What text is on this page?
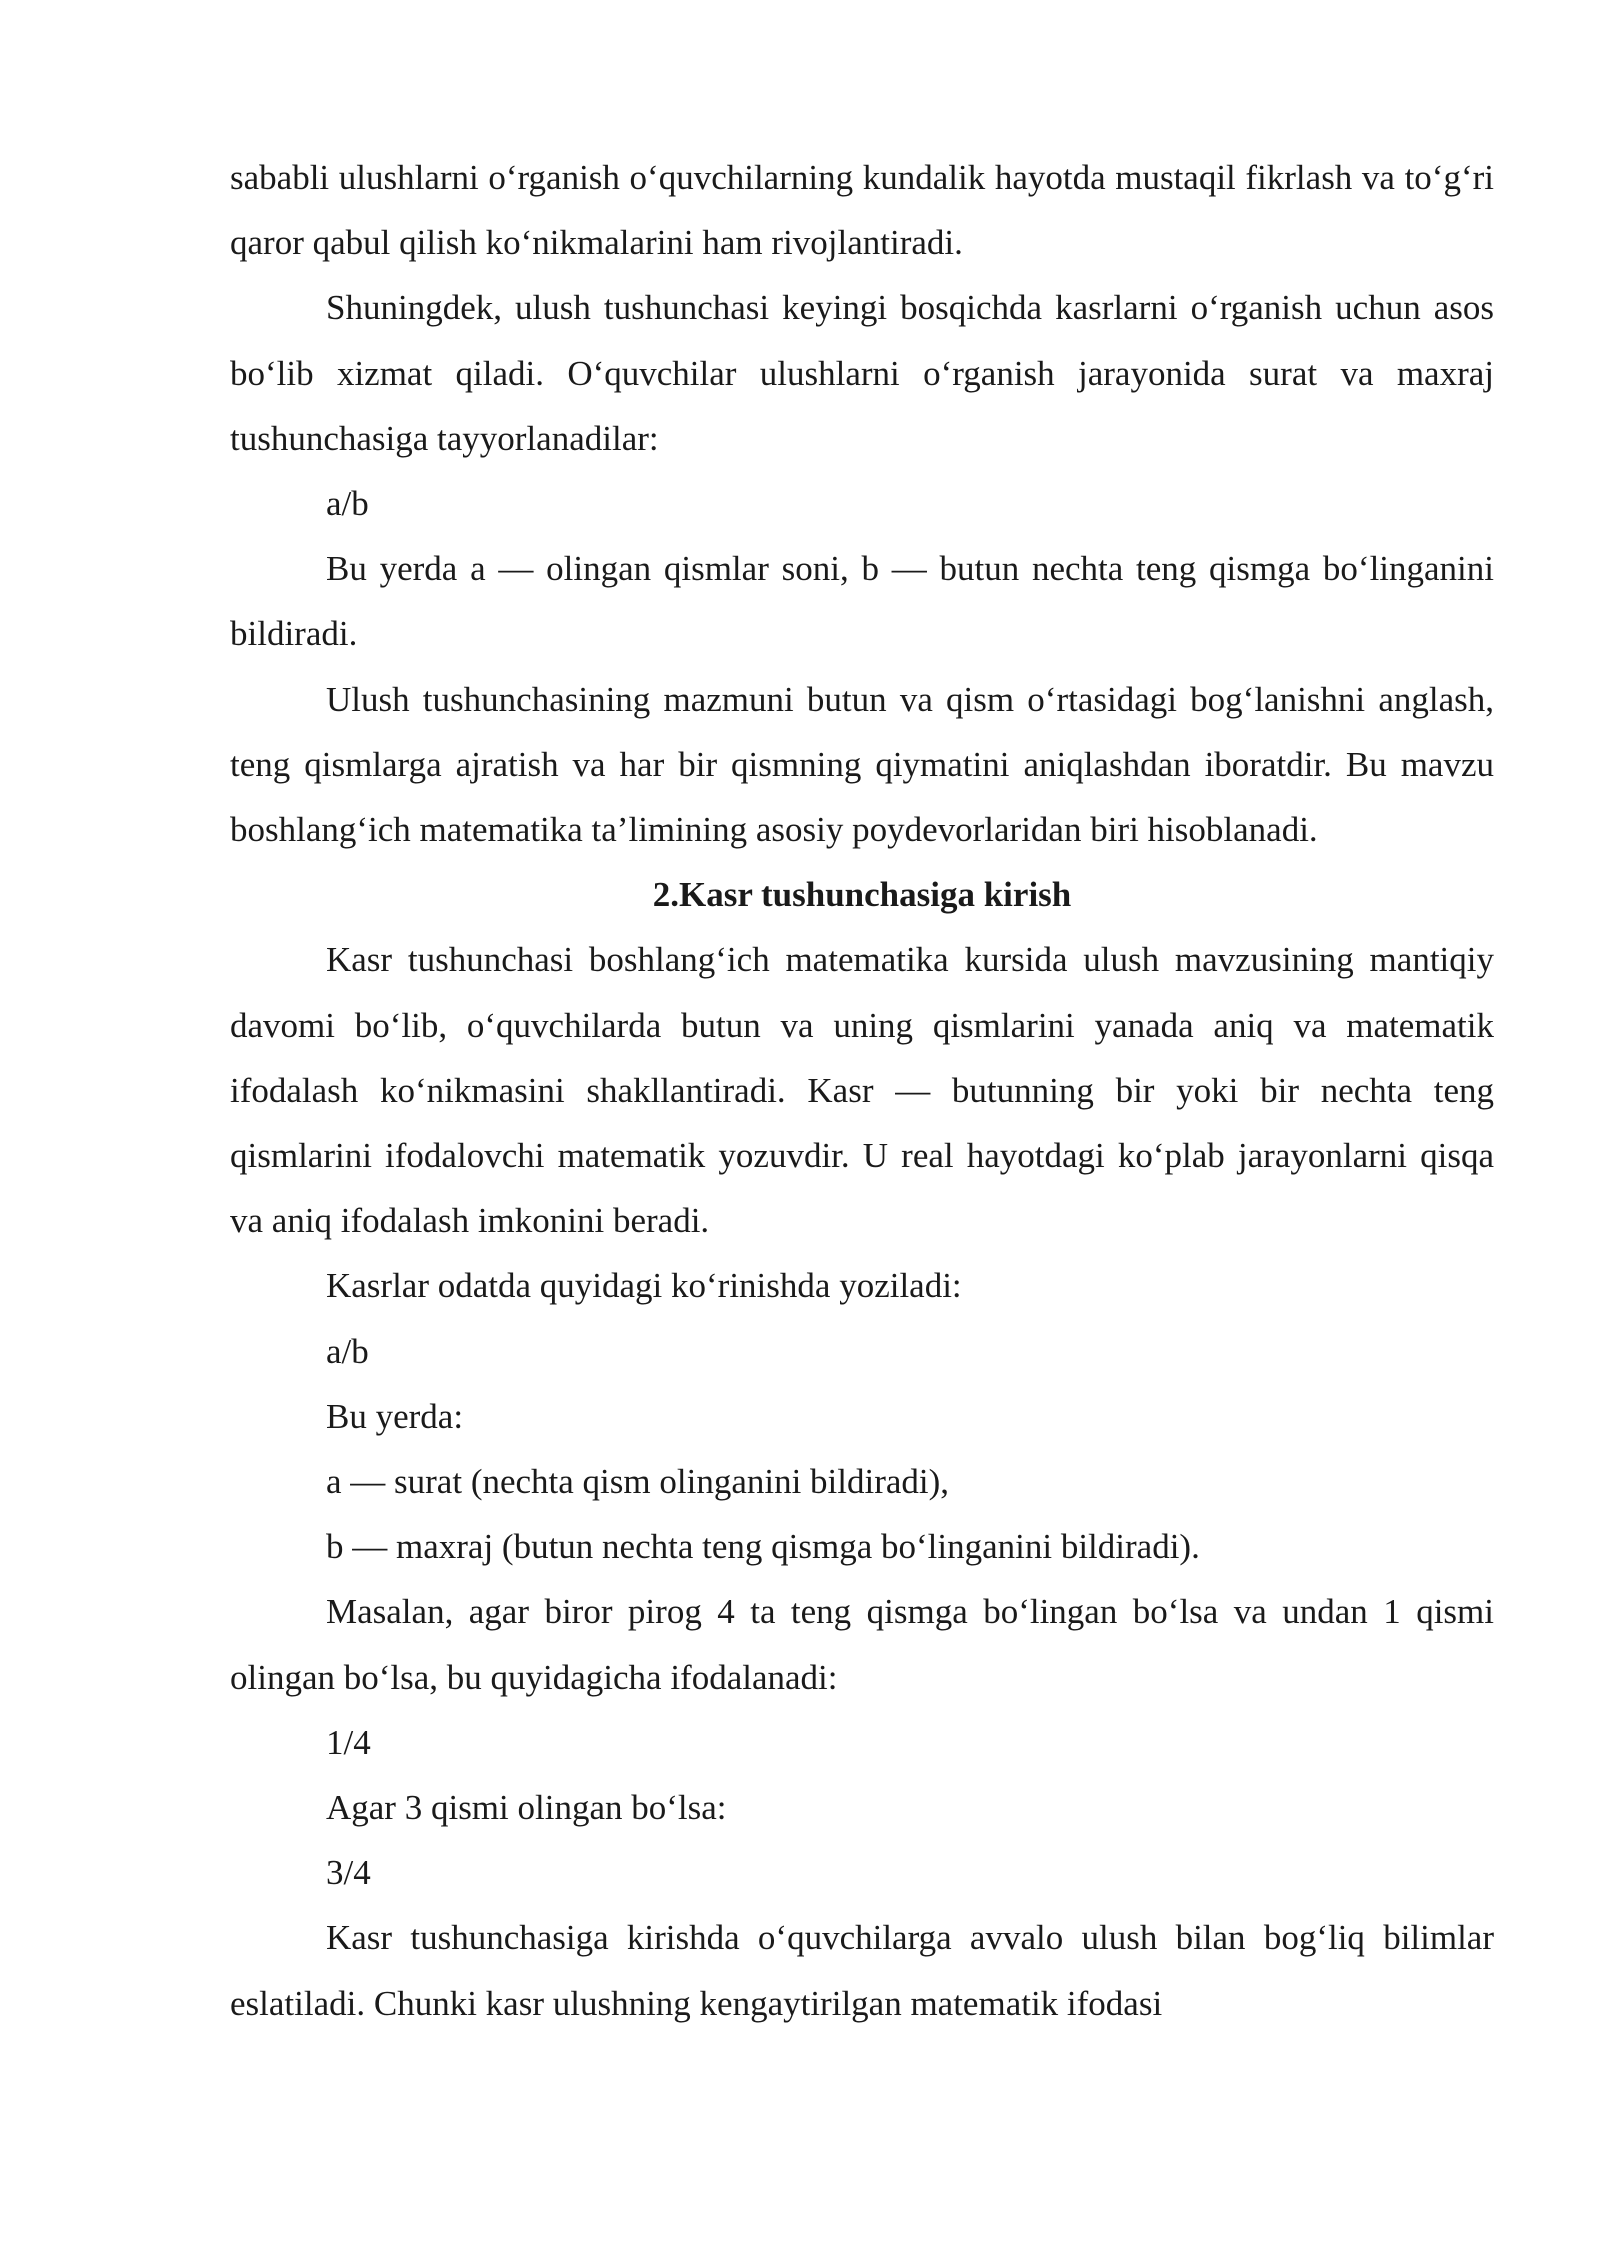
sababli ulushlarni o‘rganish o‘quvchilarning kundalik hayotda mustaqil fikrlash va to‘g‘ri qaror qabul qilish ko‘nikmalarini ham rivojlantiradi.

Shuningdek, ulush tushunchasi keyingi bosqichda kasrlarni o‘rganish uchun asos bo‘lib xizmat qiladi. O‘quvchilar ulushlarni o‘rganish jarayonida surat va maxraj tushunchasiga tayyorlanadilar:

a/b

Bu yerda a — olingan qismlar soni, b — butun nechta teng qismga bo‘linganini bildiradi.

Ulush tushunchasining mazmuni butun va qism o‘rtasidagi bog‘lanishni anglash, teng qismlarga ajratish va har bir qismning qiymatini aniqlashdan iboratdir. Bu mavzu boshlang‘ich matematika ta’limining asosiy poydevorlaridan biri hisoblanadi.

2.Kasr tushunchasiga kirish

Kasr tushunchasi boshlang‘ich matematika kursida ulush mavzusining mantiqiy davomi bo‘lib, o‘quvchilarda butun va uning qismlarini yanada aniq va matematik ifodalash ko‘nikmasini shakllantiradi. Kasr — butunning bir yoki bir nechta teng qismlarini ifodalovchi matematik yozuvdir. U real hayotdagi ko‘plab jarayonlarni qisqa va aniq ifodalash imkonini beradi.

Kasrlar odatda quyidagi ko‘rinishda yoziladi:

a/b

Bu yerda:

a — surat (nechta qism olinganini bildiradi),

b — maxraj (butun nechta teng qismga bo‘linganini bildiradi).

Masalan, agar biror pirog 4 ta teng qismga bo‘lingan bo‘lsa va undan 1 qismi olingan bo‘lsa, bu quyidagicha ifodalanadi:

1/4

Agar 3 qismi olingan bo‘lsa:

3/4

Kasr tushunchasiga kirishda o‘quvchilarga avvalo ulush bilan bog‘liq bilimlar eslatiladi. Chunki kasr ulushning kengaytirilgan matematik ifodasi
